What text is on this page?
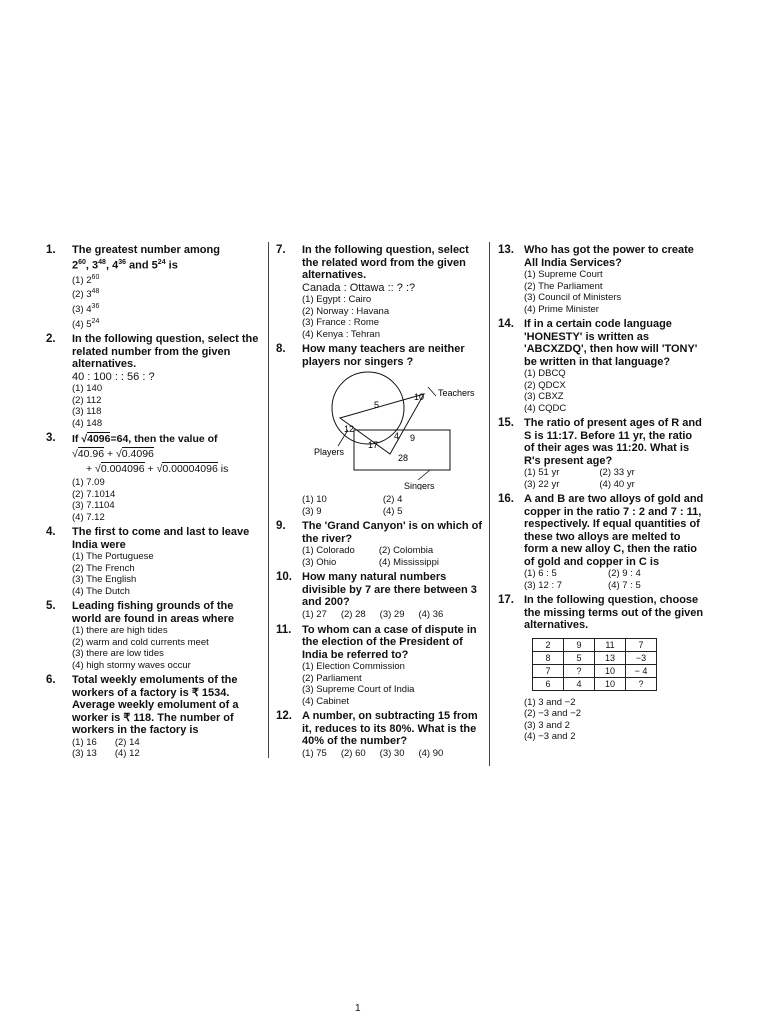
1. The greatest number among
$2^{60}$, $3^{48}$, $4^{36}$ and $5^{24}$ is
(1) $2^{60}$
(2) $3^{48}$
(3) $4^{36}$
(4) $5^{24}$
2. In the following question, select the related number from the given alternatives.
40 : 100 : : 56 : ?
(1) 140
(2) 112
(3) 118
(4) 148
3. If √4096=64, then the value of
√40.96 + √0.4096
+ √0.004096 + √0.00004096 is
(1) 7.09
(2) 7.1014
(3) 7.1104
(4) 7.12
4. The first to come and last to leave India were
(1) The Portuguese
(2) The French
(3) The English
(4) The Dutch
5. Leading fishing grounds of the world are found in areas where
(1) there are high tides
(2) warm and cold currents meet
(3) there are low tides
(4) high stormy waves occur
6. Total weekly emoluments of the workers of a factory is ₹ 1534. Average weekly emolument of a worker is ₹ 118. The number of workers in the factory is
(1) 16 (2) 14
(3) 13 (4) 12
7. In the following question, select the related word from the given alternatives.
Canada : Ottawa :: ? :?
(1) Egypt : Cairo
(2) Norway : Havana
(3) France : Rome
(4) Kenya : Tehran
8. How many teachers are neither players nor singers ?
Teachers
Players
Singers
5
10
12
17
4 9
28
(1) 10	(2) 4
(3) 9	(4) 5
9. The 'Grand Canyon' is on which of the river?
(1) Colorado	(2) Colombia
(3) Ohio	(4) Mississippi
10. How many natural numbers divisible by 7 are there between 3 and 200?
(1) 27 (2) 28 (3) 29 (4) 36
11. To whom can a case of dispute in the election of the President of India be referred to?
(1) Election Commission
(2) Parliament
(3) Supreme Court of India
(4) Cabinet
12. A number, on subtracting 15 from it, reduces to its 80%. What is the 40% of the number?
(1) 75 (2) 60 (3) 30 (4) 90
13. Who has got the power to create All India Services?
(1) Supreme Court
(2) The Parliament
(3) Council of Ministers
(4) Prime Minister
14. If in a certain code language 'HONESTY' is written as 'ABCXZDQ', then how will 'TONY' be written in that language?
(1) DBCQ
(2) QDCX
(3) CBXZ
(4) CQDC
15. The ratio of present ages of R and S is 11:17. Before 11 yr, the ratio of their ages was 11:20. What is R's present age?
(1) 51 yr	(2) 33 yr
(3) 22 yr	(4) 40 yr
16. A and B are two alloys of gold and copper in the ratio 7 : 2 and 7 : 11, respectively. If equal quantities of these two alloys are melted to form a new alloy C, then the ratio of gold and copper in C is
(1) 6 : 5	(2) 9 : 4
(3) 12 : 7	(4) 7 : 5
17. In the following question, choose the missing terms out of the given alternatives.
2	9	11	7
8	5	13	−3
7	?	10	− 4
6	4	10	?
(1) 3 and −2
(2) −3 and −2
(3) 3 and 2
(4) −3 and 2
1
